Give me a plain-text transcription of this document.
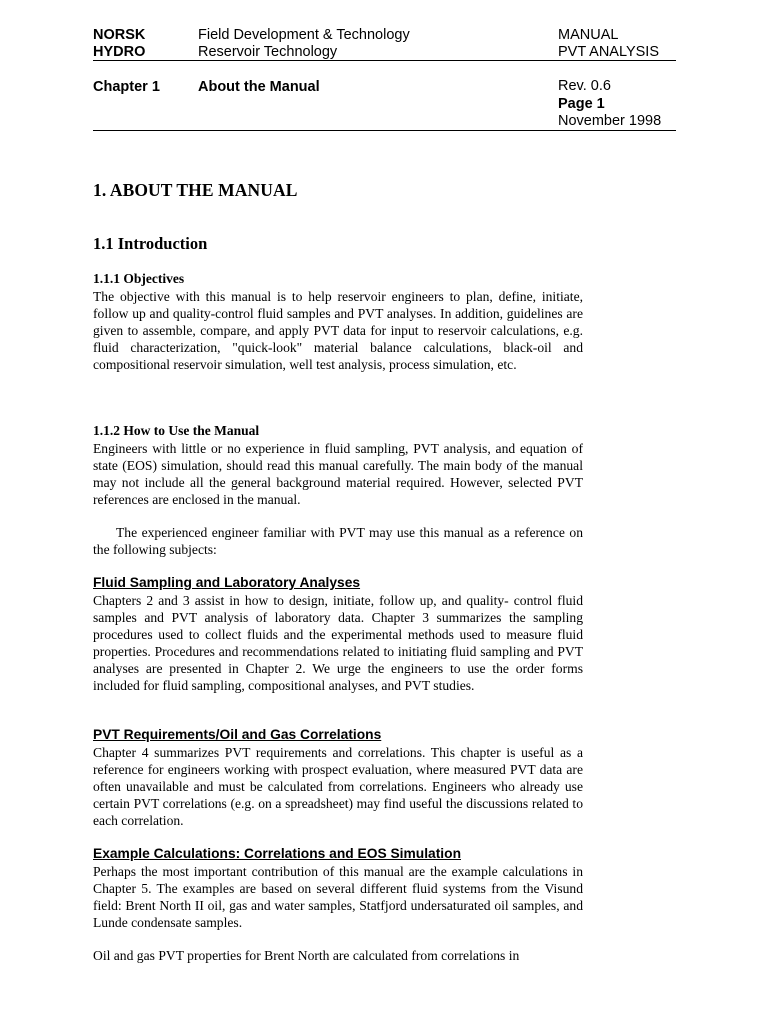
NORSK
HYDRO
Field Development & Technology
Reservoir Technology
MANUAL
PVT ANALYSIS
Chapter 1	About the Manual	Rev. 0.6
Page 1
November 1998
1. ABOUT THE MANUAL
1.1 Introduction
1.1.1 Objectives
The objective with this manual is to help reservoir engineers to plan, define, initiate, follow up and quality-control fluid samples and PVT analyses. In addition, guidelines are given to assemble, compare, and apply PVT data for input to reservoir calculations, e.g. fluid characterization, "quick-look" material balance calculations, black-oil and compositional reservoir simulation, well test analysis, process simulation, etc.
1.1.2 How to Use the Manual
Engineers with little or no experience in fluid sampling, PVT analysis, and equation of state (EOS) simulation, should read this manual carefully. The main body of the manual may not include all the general background material required. However, selected PVT references are enclosed in the manual.
The experienced engineer familiar with PVT may use this manual as a reference on the following subjects:
Fluid Sampling and Laboratory Analyses
Chapters 2 and 3 assist in how to design, initiate, follow up, and quality- control fluid samples and PVT analysis of laboratory data. Chapter 3 summarizes the sampling procedures used to collect fluids and the experimental methods used to measure fluid properties. Procedures and recommendations related to initiating fluid sampling and PVT analyses are presented in Chapter 2. We urge the engineers to use the order forms included for fluid sampling, compositional analyses, and PVT studies.
PVT Requirements/Oil and Gas Correlations
Chapter 4 summarizes PVT requirements and correlations. This chapter is useful as a reference for engineers working with prospect evaluation, where measured PVT data are often unavailable and must be calculated from correlations. Engineers who already use certain PVT correlations (e.g. on a spreadsheet) may find useful the discussions related to each correlation.
Example Calculations: Correlations and EOS Simulation
Perhaps the most important contribution of this manual are the example calculations in Chapter 5. The examples are based on several different fluid systems from the Visund field: Brent North II oil, gas and water samples, Statfjord undersaturated oil samples, and Lunde condensate samples.
Oil and gas PVT properties for Brent North are calculated from correlations in
